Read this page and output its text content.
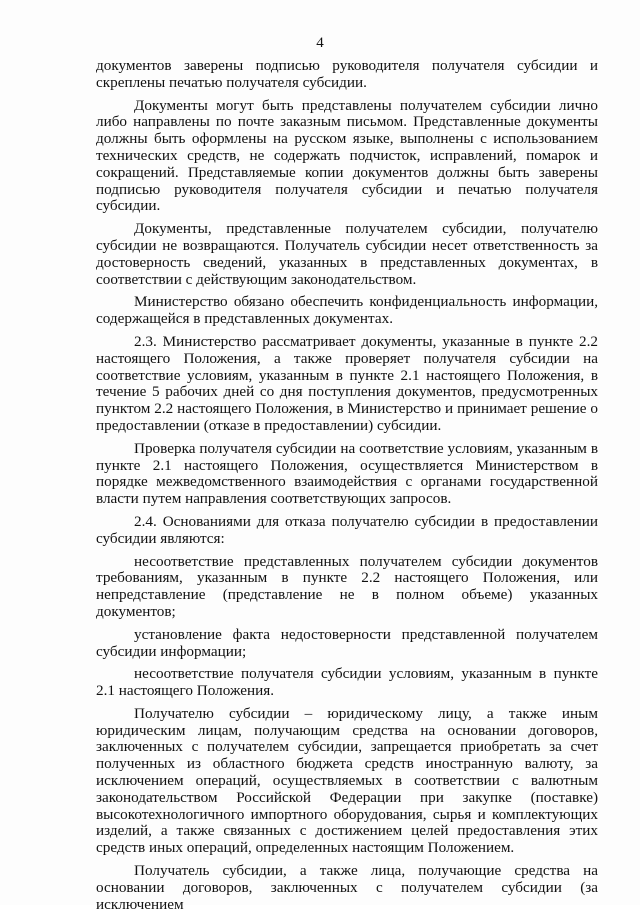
4

документов заверены подписью руководителя получателя субсидии и скреплены печатью получателя субсидии.

Документы могут быть представлены получателем субсидии лично либо направлены по почте заказным письмом. Представленные документы должны быть оформлены на русском языке, выполнены с использованием технических средств, не содержать подчисток, исправлений, помарок и сокращений. Представляемые копии документов должны быть заверены подписью руководителя получателя субсидии и печатью получателя субсидии.

Документы, представленные получателем субсидии, получателю субсидии не возвращаются. Получатель субсидии несет ответственность за достоверность сведений, указанных в представленных документах, в соответствии с действующим законодательством.

Министерство обязано обеспечить конфиденциальность информации, содержащейся в представленных документах.

2.3. Министерство рассматривает документы, указанные в пункте 2.2 настоящего Положения, а также проверяет получателя субсидии на соответствие условиям, указанным в пункте 2.1 настоящего Положения, в течение 5 рабочих дней со дня поступления документов, предусмотренных пунктом 2.2 настоящего Положения, в Министерство и принимает решение о предоставлении (отказе в предоставлении) субсидии.

Проверка получателя субсидии на соответствие условиям, указанным в пункте 2.1 настоящего Положения, осуществляется Министерством в порядке межведомственного взаимодействия с органами государственной власти путем направления соответствующих запросов.

2.4. Основаниями для отказа получателю субсидии в предоставлении субсидии являются:

несоответствие представленных получателем субсидии документов требованиям, указанным в пункте 2.2 настоящего Положения, или непредставление (представление не в полном объеме) указанных документов;

установление факта недостоверности представленной получателем субсидии информации;

несоответствие получателя субсидии условиям, указанным в пункте 2.1 настоящего Положения.

Получателю субсидии – юридическому лицу, а также иным юридическим лицам, получающим средства на основании договоров, заключенных с получателем субсидии, запрещается приобретать за счет полученных из областного бюджета средств иностранную валюту, за исключением операций, осуществляемых в соответствии с валютным законодательством Российской Федерации при закупке (поставке) высокотехнологичного импортного оборудования, сырья и комплектующих изделий, а также связанных с достижением целей предоставления этих средств иных операций, определенных настоящим Положением.

Получатель субсидии, а также лица, получающие средства на основании договоров, заключенных с получателем субсидии (за исключением
